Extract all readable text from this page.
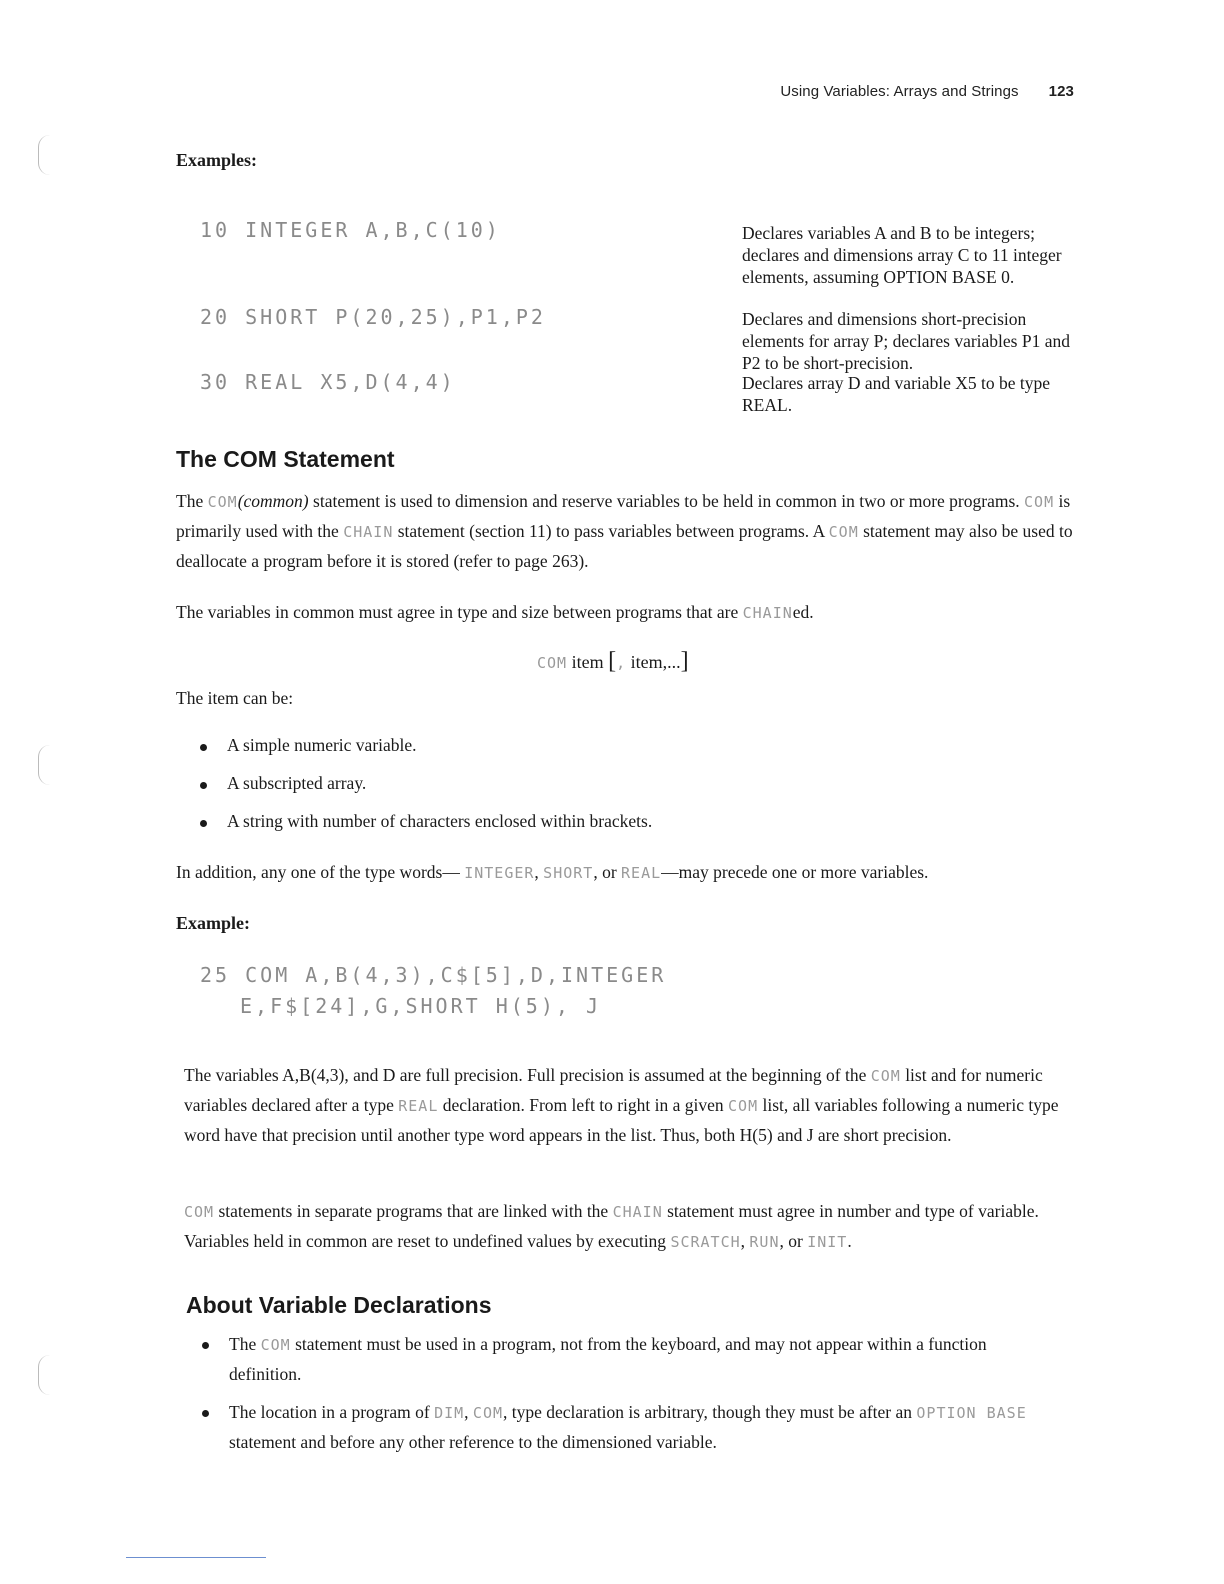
Using Variables: Arrays and Strings 123
Examples:
10 INTEGER A,B,C(10)	Declares variables A and B to be integers; declares and dimensions array C to 11 integer elements, assuming OPTION BASE 0.
20 SHORT P(20,25),P1,P2	Declares and dimensions short-precision elements for array P; declares variables P1 and P2 to be short-precision.
30 REAL X5,D(4,4)	Declares array D and variable X5 to be type REAL.
The COM Statement
The COM(common) statement is used to dimension and reserve variables to be held in common in two or more programs. COM is primarily used with the CHAIN statement (section 11) to pass variables between programs. A COM statement may also be used to deallocate a program before it is stored (refer to page 263).
The variables in common must agree in type and size between programs that are CHAINed.
COM item [, item,...]
The item can be:
A simple numeric variable.
A subscripted array.
A string with number of characters enclosed within brackets.
In addition, any one of the type words— INTEGER, SHORT, or REAL—may precede one or more variables.
Example:
25 COM A,B(4,3),C$[5],D,INTEGER
E,F$[24],G,SHORT H(5), J
The variables A,B(4,3), and D are full precision. Full precision is assumed at the beginning of the COM list and for numeric variables declared after a type REAL declaration. From left to right in a given COM list, all variables following a numeric type word have that precision until another type word appears in the list. Thus, both H(5) and J are short precision.
COM statements in separate programs that are linked with the CHAIN statement must agree in number and type of variable. Variables held in common are reset to undefined values by executing SCRATCH, RUN, or INIT.
About Variable Declarations
The COM statement must be used in a program, not from the keyboard, and may not appear within a function definition.
The location in a program of DIM, COM, type declaration is arbitrary, though they must be after an OPTION BASE statement and before any other reference to the dimensioned variable.
